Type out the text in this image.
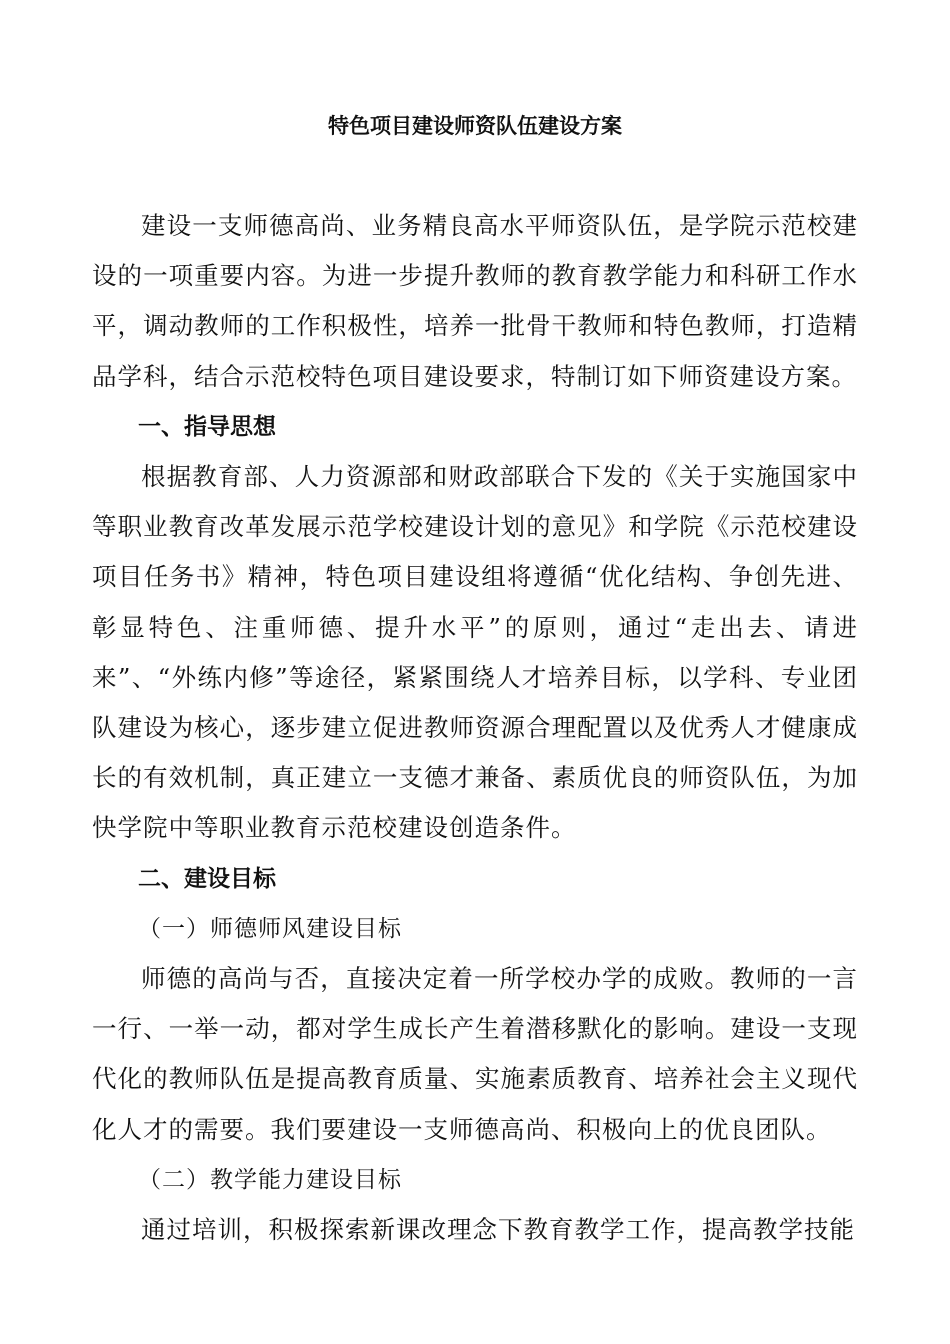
特色项目建设师资队伍建设方案

建设一支师德高尚、业务精良高水平师资队伍，是学院示范校建设的一项重要内容。为进一步提升教师的教育教学能力和科研工作水平，调动教师的工作积极性，培养一批骨干教师和特色教师，打造精品学科，结合示范校特色项目建设要求，特制订如下师资建设方案。

一、指导思想

根据教育部、人力资源部和财政部联合下发的《关于实施国家中等职业教育改革发展示范学校建设计划的意见》和学院《示范校建设项目任务书》精神，特色项目建设组将遵循“优化结构、争创先进、彰显特色、注重师德、提升水平”的原则，通过“走出去、请进来”、“外练内修”等途径，紧紧围绕人才培养目标，以学科、专业团队建设为核心，逐步建立促进教师资源合理配置以及优秀人才健康成长的有效机制，真正建立一支德才兼备、素质优良的师资队伍，为加快学院中等职业教育示范校建设创造条件。

二、建设目标

（一）师德师风建设目标

师德的高尚与否，直接决定着一所学校办学的成败。教师的一言一行、一举一动，都对学生成长产生着潜移默化的影响。建设一支现代化的教师队伍是提高教育质量、实施素质教育、培养社会主义现代化人才的需要。我们要建设一支师德高尚、积极向上的优良团队。

（二）教学能力建设目标

通过培训，积极探索新课改理念下教育教学工作，提高教学技能
